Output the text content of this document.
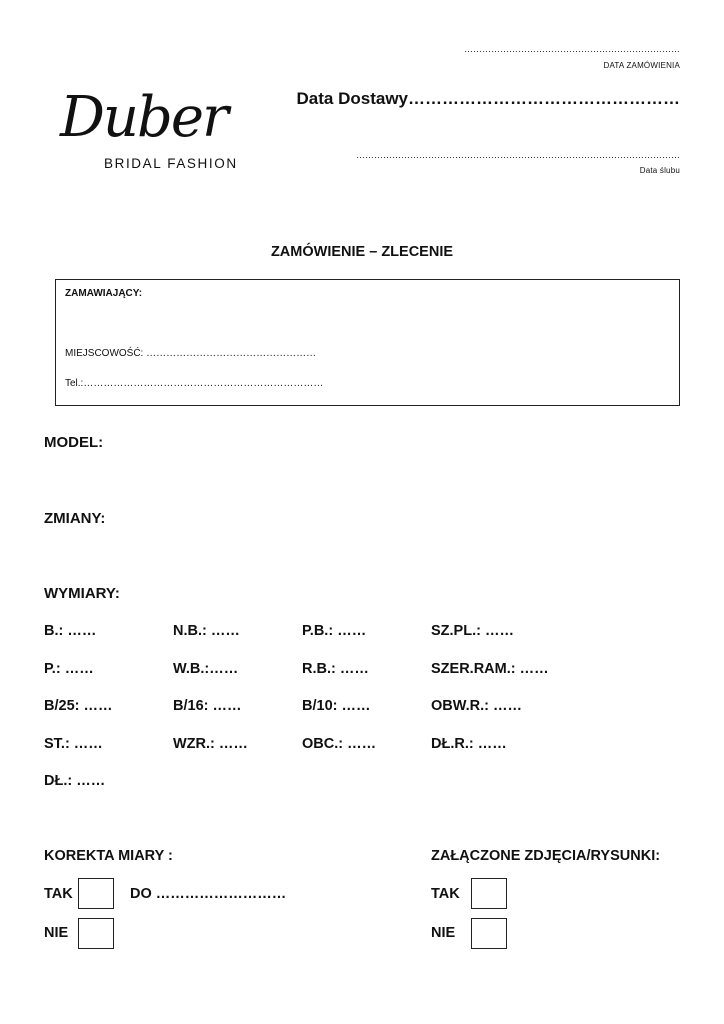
………………………………………………………………
DATA ZAMÓWIENIA
Data Dostawy…………………………………………
………………………………………………………………………………………………
Data ślubu
Duber
BRIDAL FASHION
ZAMÓWIENIE – ZLECENIE
ZAMAWIAJĄCY:
MIEJSCOWOŚĆ: ……………………………………………
Tel.:………………………………………………………………
MODEL:
ZMIANY:
WYMIARY:
B.: ……	N.B.: ……	P.B.: ……	SZ.PL.: ……
P.: ……	W.B.:……	R.B.: ……	SZER.RAM.: ……
B/25: ……	B/16: ……	B/10: ……	OBW.R.: ……
ST.: ……	WZR.: ……	OBC.: ……	DŁ.R.: ……
DŁ.: ……
KOREKTA MIARY :
TAK	DO ………………………
NIE
ZAŁĄCZONE ZDJĘCIA/RYSUNKI:
TAK
NIE
